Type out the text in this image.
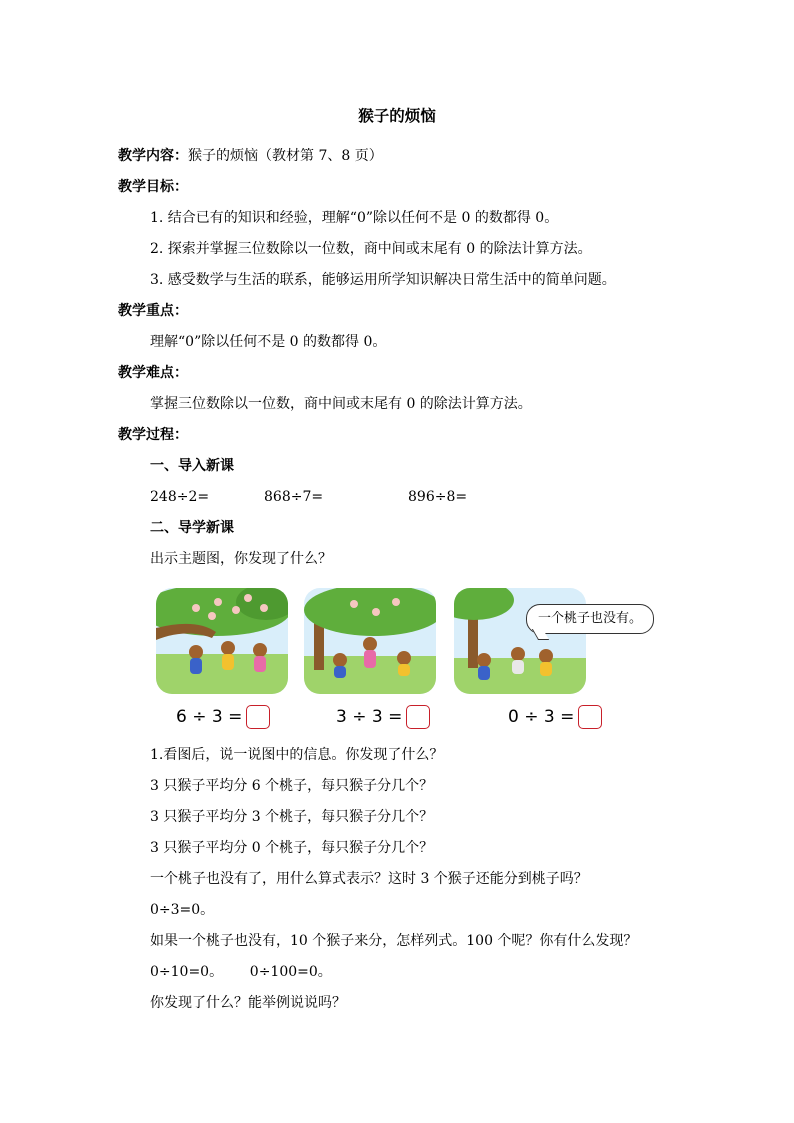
猴子的烦恼
教学内容：猴子的烦恼（教材第 7、8 页）
教学目标：
1. 结合已有的知识和经验，理解“0”除以任何不是 0 的数都得 0。
2. 探索并掌握三位数除以一位数，商中间或末尾有 0 的除法计算方法。
3. 感受数学与生活的联系，能够运用所学知识解决日常生活中的简单问题。
教学重点：
理解“0”除以任何不是 0 的数都得 0。
教学难点：
掌握三位数除以一位数，商中间或末尾有 0 的除法计算方法。
教学过程：
一、导入新课
248÷2=	868÷7=	896÷8=
二、导学新课
出示主题图，你发现了什么？
一个桃子也没有。
6 ÷ 3 =	3 ÷ 3 =	0 ÷ 3 =
1.看图后，说一说图中的信息。你发现了什么？
3 只猴子平均分 6 个桃子，每只猴子分几个？
3 只猴子平均分 3 个桃子，每只猴子分几个？
3 只猴子平均分 0 个桃子，每只猴子分几个？
一个桃子也没有了，用什么算式表示？这时 3 个猴子还能分到桃子吗？
0÷3=0。
如果一个桃子也没有，10 个猴子来分，怎样列式。100 个呢？你有什么发现？
0÷10=0。      0÷100=0。
你发现了什么？能举例说说吗？
